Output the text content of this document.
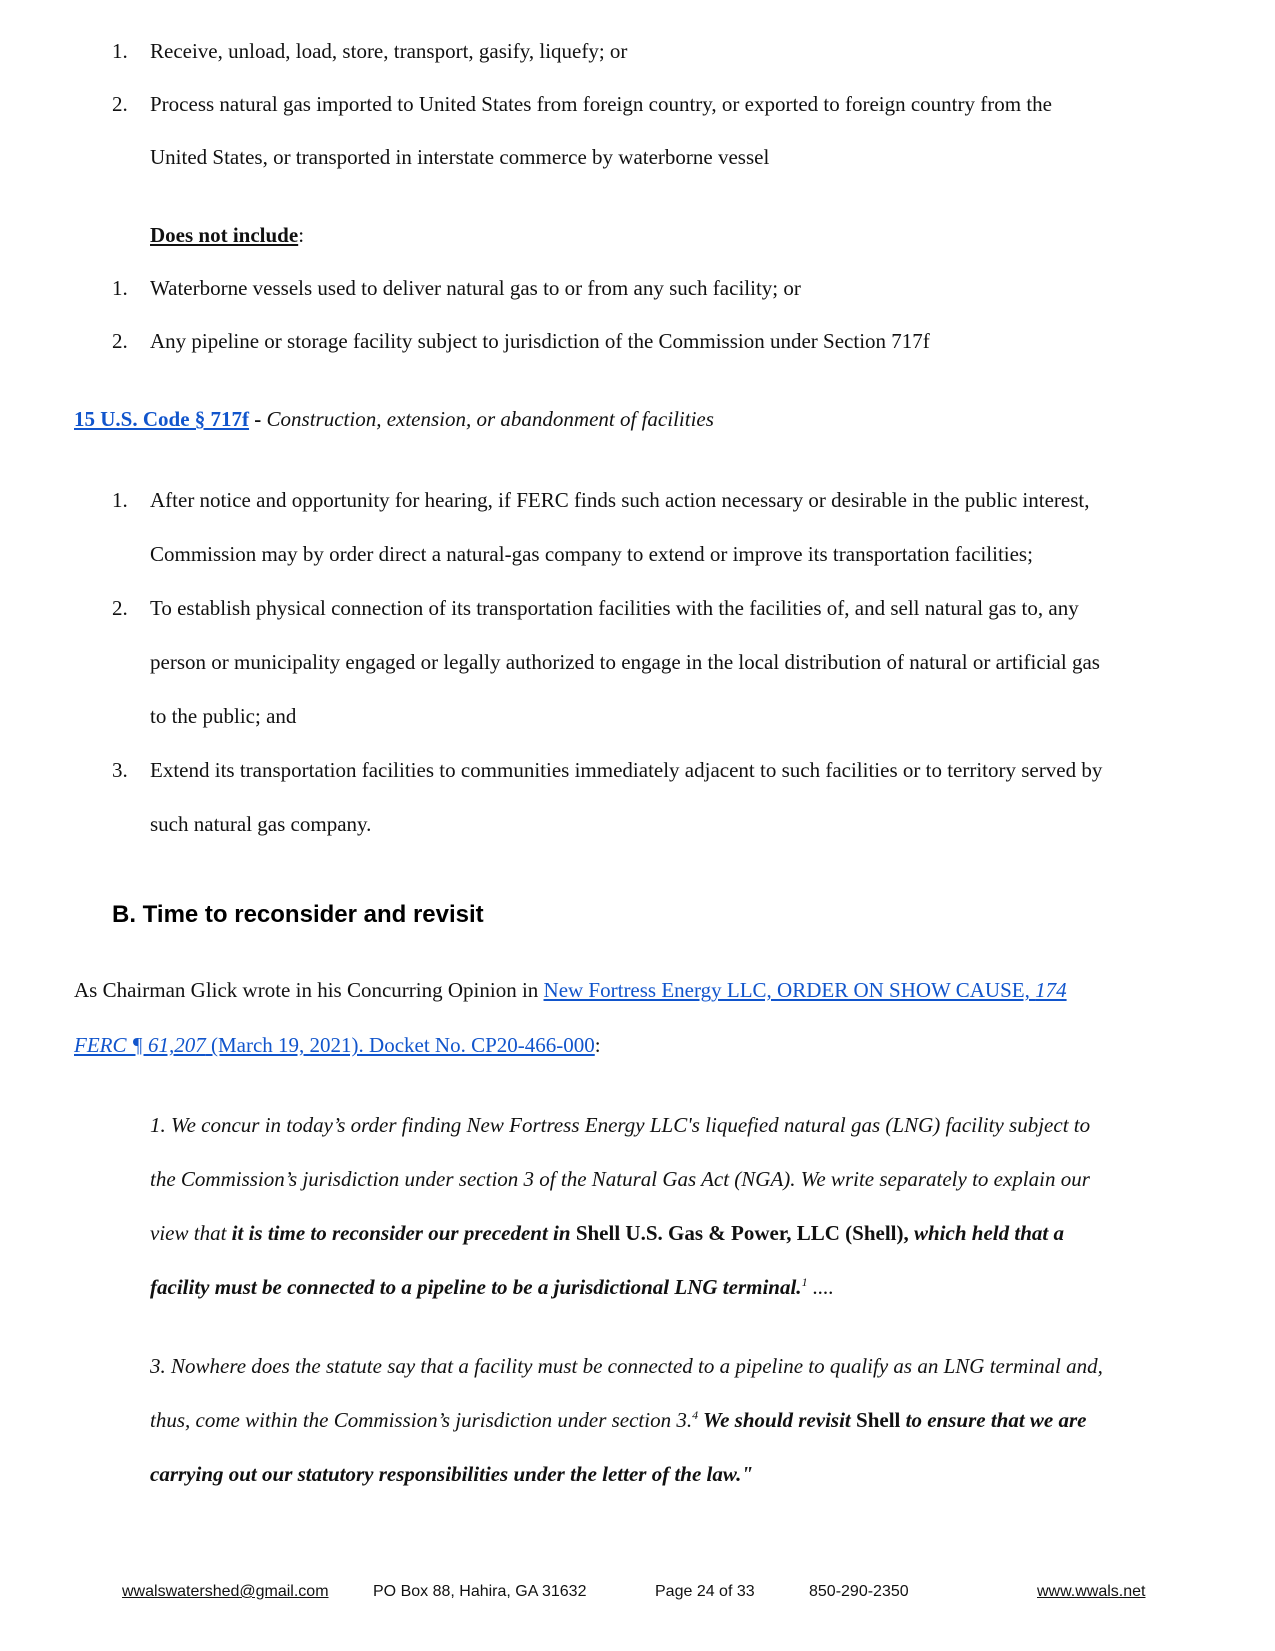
1. Receive, unload, load, store, transport, gasify, liquefy; or
2. Process natural gas imported to United States from foreign country, or exported to foreign country from the
United States, or transported in interstate commerce by waterborne vessel
Does not include:
1. Waterborne vessels used to deliver natural gas to or from any such facility; or
2. Any pipeline or storage facility subject to jurisdiction of the Commission under Section 717f
15 U.S. Code § 717f - Construction, extension, or abandonment of facilities
1. After notice and opportunity for hearing, if FERC finds such action necessary or desirable in the public interest,
Commission may by order direct a natural-gas company to extend or improve its transportation facilities;
2. To establish physical connection of its transportation facilities with the facilities of, and sell natural gas to, any
person or municipality engaged or legally authorized to engage in the local distribution of natural or artificial gas
to the public; and
3. Extend its transportation facilities to communities immediately adjacent to such facilities or to territory served by
such natural gas company.
B. Time to reconsider and revisit
As Chairman Glick wrote in his Concurring Opinion in New Fortress Energy LLC, ORDER ON SHOW CAUSE, 174
FERC ¶ 61,207 (March 19, 2021). Docket No. CP20-466-000:
1. We concur in today’s order finding New Fortress Energy LLC's liquefied natural gas (LNG) facility subject to
the Commission’s jurisdiction under section 3 of the Natural Gas Act (NGA). We write separately to explain our
view that it is time to reconsider our precedent in Shell U.S. Gas & Power, LLC (Shell), which held that a
facility must be connected to a pipeline to be a jurisdictional LNG terminal.$^1$ ....
3. Nowhere does the statute say that a facility must be connected to a pipeline to qualify as an LNG terminal and,
thus, come within the Commission’s jurisdiction under section 3.$^4$ We should revisit Shell to ensure that we are
carrying out our statutory responsibilities under the letter of the law."
wwalswatershed@gmail.com	PO Box 88, Hahira, GA 31632	Page 24 of 33	850-290-2350	www.wwals.net
